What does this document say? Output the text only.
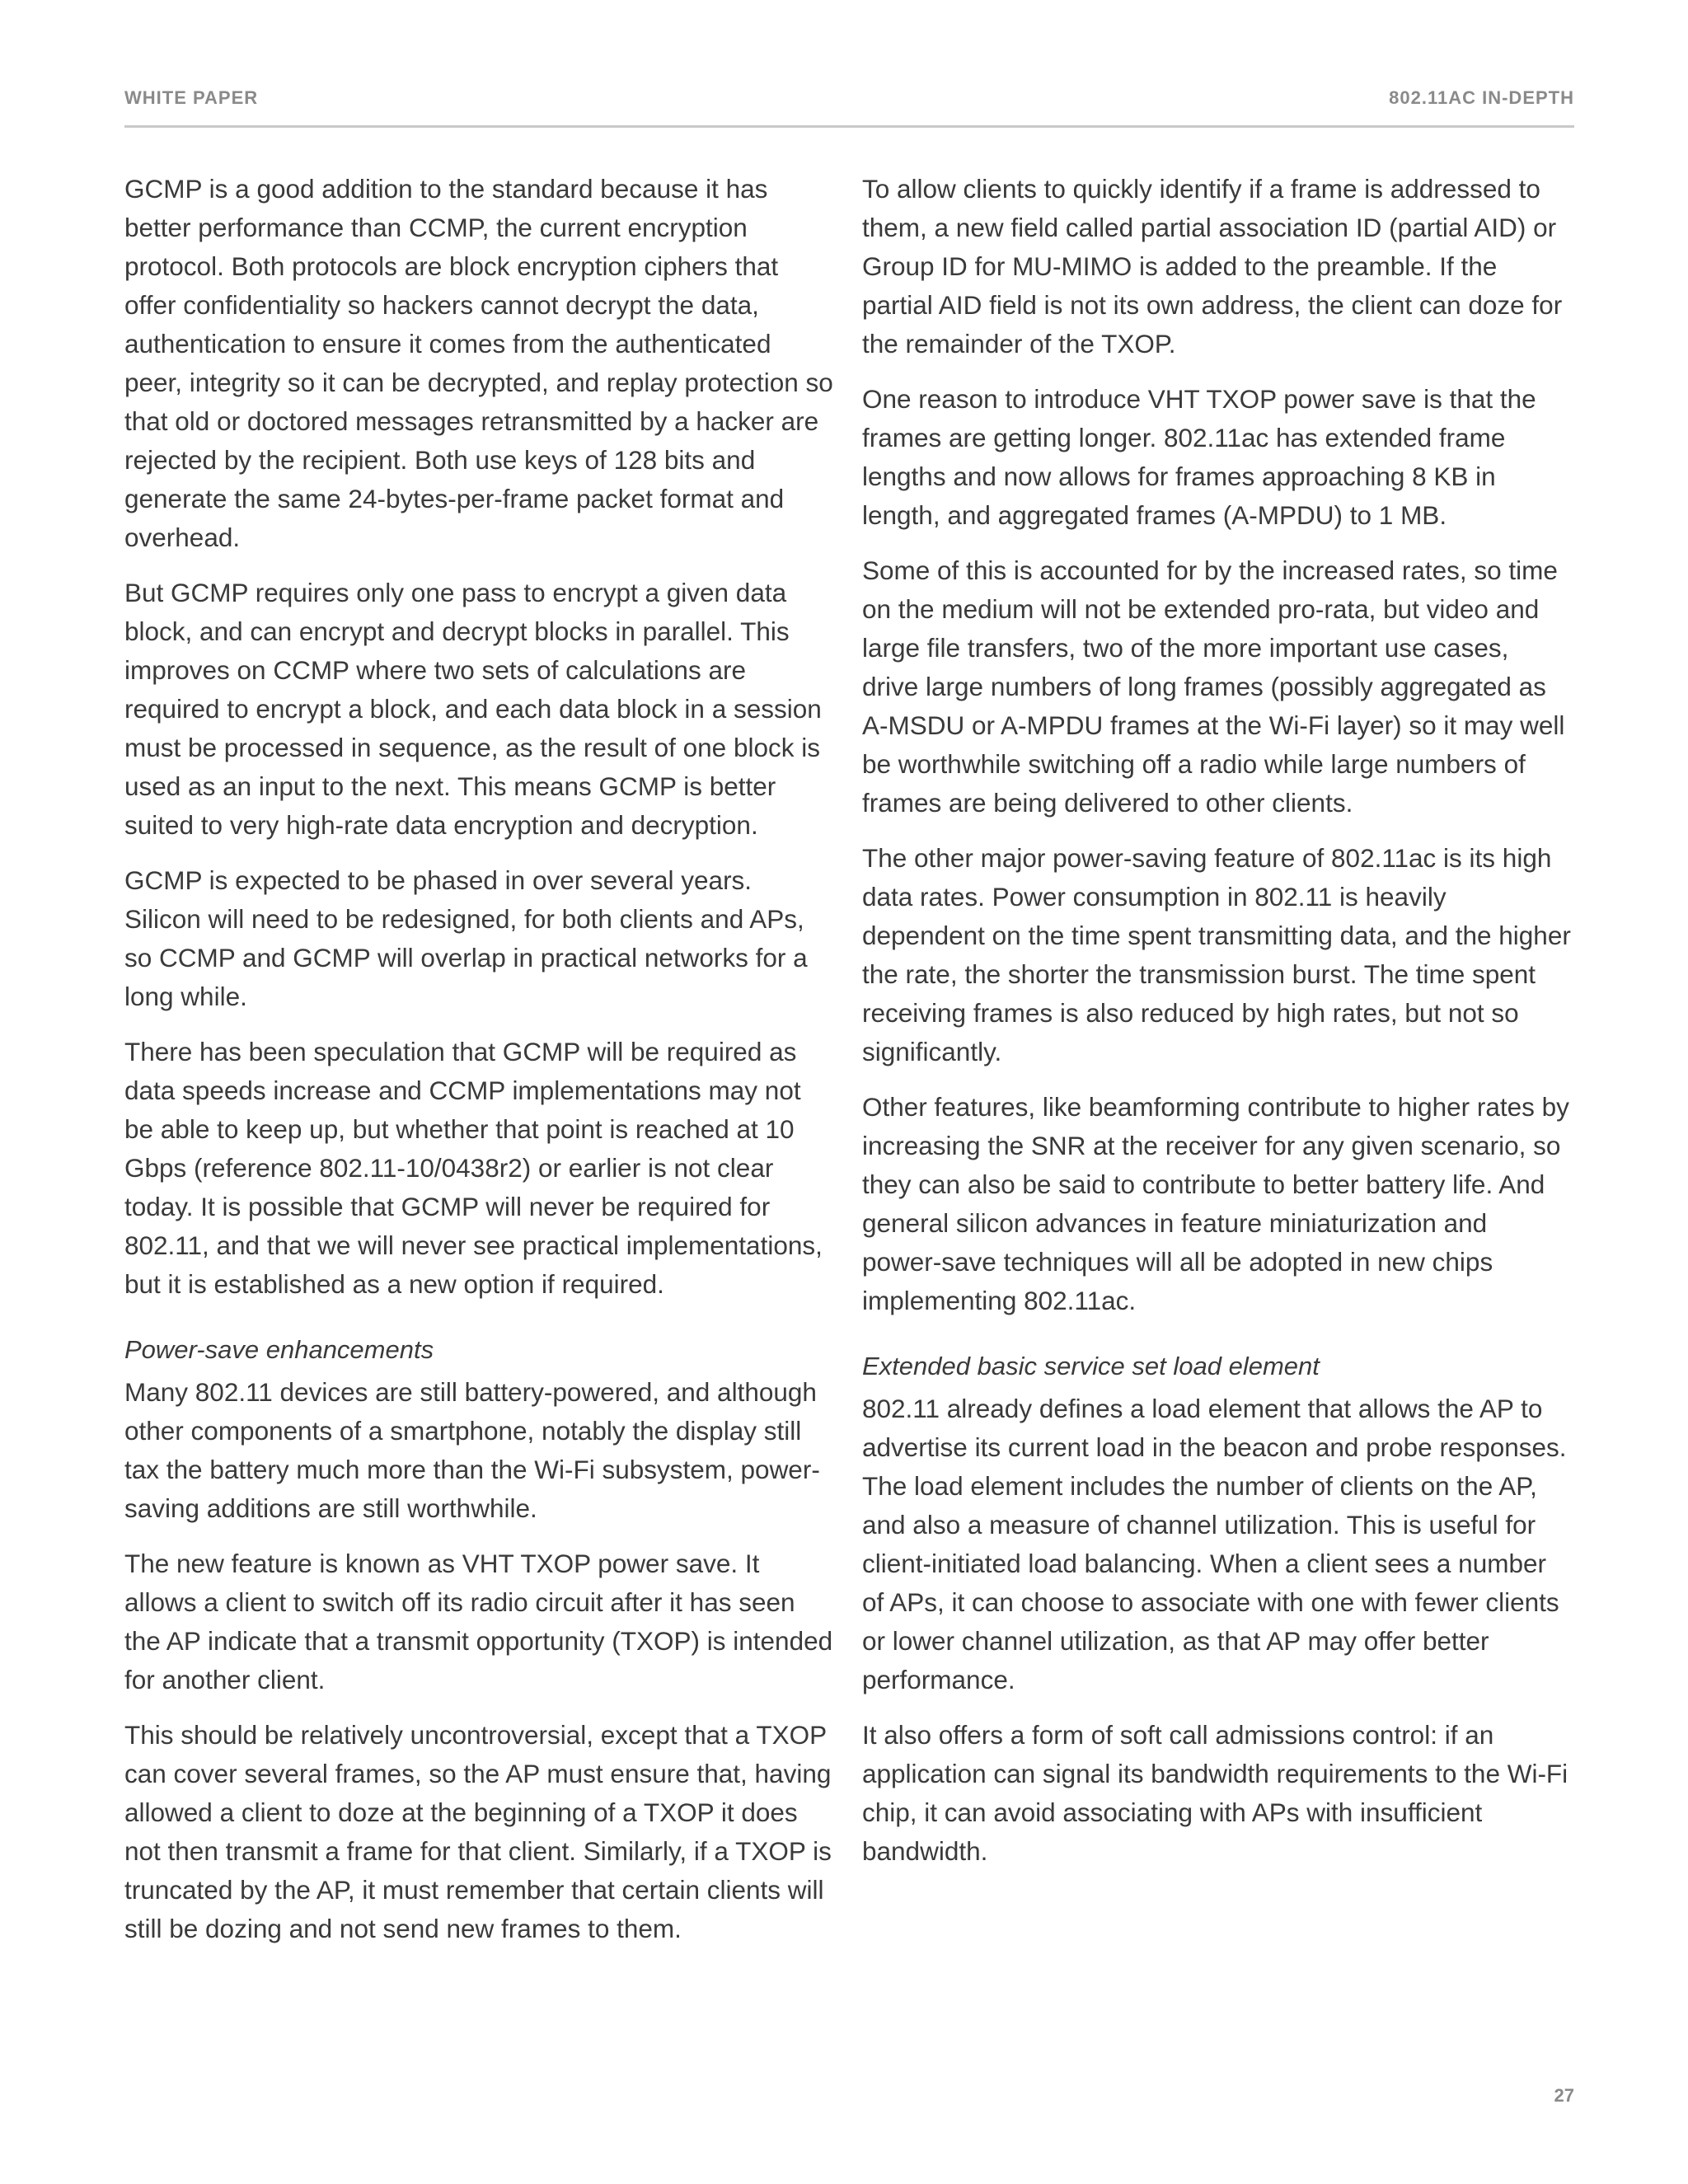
WHITE PAPER	802.11AC IN-DEPTH

GCMP is a good addition to the standard because it has better performance than CCMP, the current encryption protocol. Both protocols are block encryption ciphers that offer confidentiality so hackers cannot decrypt the data, authentication to ensure it comes from the authenticated peer, integrity so it can be decrypted, and replay protection so that old or doctored messages retransmitted by a hacker are rejected by the recipient. Both use keys of 128 bits and generate the same 24-bytes-per-frame packet format and overhead.

But GCMP requires only one pass to encrypt a given data block, and can encrypt and decrypt blocks in parallel. This improves on CCMP where two sets of calculations are required to encrypt a block, and each data block in a session must be processed in sequence, as the result of one block is used as an input to the next. This means GCMP is better suited to very high-rate data encryption and decryption.

GCMP is expected to be phased in over several years. Silicon will need to be redesigned, for both clients and APs, so CCMP and GCMP will overlap in practical networks for a long while.

There has been speculation that GCMP will be required as data speeds increase and CCMP implementations may not be able to keep up, but whether that point is reached at 10 Gbps (reference 802.11-10/0438r2) or earlier is not clear today. It is possible that GCMP will never be required for 802.11, and that we will never see practical implementations, but it is established as a new option if required.

Power-save enhancements

Many 802.11 devices are still battery-powered, and although other components of a smartphone, notably the display still tax the battery much more than the Wi-Fi subsystem, power-saving additions are still worthwhile.

The new feature is known as VHT TXOP power save. It allows a client to switch off its radio circuit after it has seen the AP indicate that a transmit opportunity (TXOP) is intended for another client.

This should be relatively uncontroversial, except that a TXOP can cover several frames, so the AP must ensure that, having allowed a client to doze at the beginning of a TXOP it does not then transmit a frame for that client. Similarly, if a TXOP is truncated by the AP, it must remember that certain clients will still be dozing and not send new frames to them.

To allow clients to quickly identify if a frame is addressed to them, a new field called partial association ID (partial AID) or Group ID for MU-MIMO is added to the preamble. If the partial AID field is not its own address, the client can doze for the remainder of the TXOP.

One reason to introduce VHT TXOP power save is that the frames are getting longer. 802.11ac has extended frame lengths and now allows for frames approaching 8 KB in length, and aggregated frames (A-MPDU) to 1 MB.

Some of this is accounted for by the increased rates, so time on the medium will not be extended pro-rata, but video and large file transfers, two of the more important use cases, drive large numbers of long frames (possibly aggregated as A-MSDU or A-MPDU frames at the Wi-Fi layer) so it may well be worthwhile switching off a radio while large numbers of frames are being delivered to other clients.

The other major power-saving feature of 802.11ac is its high data rates. Power consumption in 802.11 is heavily dependent on the time spent transmitting data, and the higher the rate, the shorter the transmission burst. The time spent receiving frames is also reduced by high rates, but not so significantly.

Other features, like beamforming contribute to higher rates by increasing the SNR at the receiver for any given scenario, so they can also be said to contribute to better battery life. And general silicon advances in feature miniaturization and power-save techniques will all be adopted in new chips implementing 802.11ac.

Extended basic service set load element

802.11 already defines a load element that allows the AP to advertise its current load in the beacon and probe responses. The load element includes the number of clients on the AP, and also a measure of channel utilization. This is useful for client-initiated load balancing. When a client sees a number of APs, it can choose to associate with one with fewer clients or lower channel utilization, as that AP may offer better performance.

It also offers a form of soft call admissions control: if an application can signal its bandwidth requirements to the Wi-Fi chip, it can avoid associating with APs with insufficient bandwidth.

27
